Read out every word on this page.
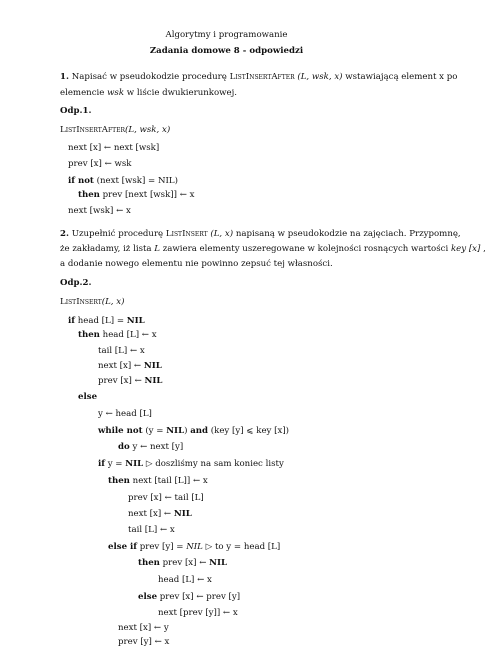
Algorytmy i programowanie
Zadania domowe 8 - odpowiedzi
1. Napisać w pseudokodzie procedurę ListInsertAfter (L, wsk, x) wstawiającą element x po
elemencie wsk w liście dwukierunkowej.
Odp.1.
ListInsertAfter(L, wsk, x)
next [x] ← next [wsk]
prev [x] ← wsk
if not (next [wsk] = NIL)
then prev [next [wsk]] ← x
next [wsk] ← x
2. Uzupełnić procedurę ListInsert (L, x) napisaną w pseudokodzie na zajęciach. Przypomnę,
że zakładamy, iż lista L zawiera elementy uszeregowane w kolejności rosnących wartości key [x] ,
a dodanie nowego elementu nie powinno zepsuć tej własności.
Odp.2.
ListInsert(L, x)
if head [L] = NIL
then head [L] ← x
tail [L] ← x
next [x] ← NIL
prev [x] ← NIL
else
y ← head [L]
while not (y = NIL) and (key [y] ⩽ key [x])
do y ← next [y]
if y = NIL ▷ doszliśmy na sam koniec listy
then next [tail [L]] ← x
prev [x] ← tail [L]
next [x] ← NIL
tail [L] ← x
else if prev [y] = NIL ▷ to y = head [L]
then prev [x] ← NIL
head [L] ← x
else prev [x] ← prev [y]
next [prev [y]] ← x
next [x] ← y
prev [y] ← x
